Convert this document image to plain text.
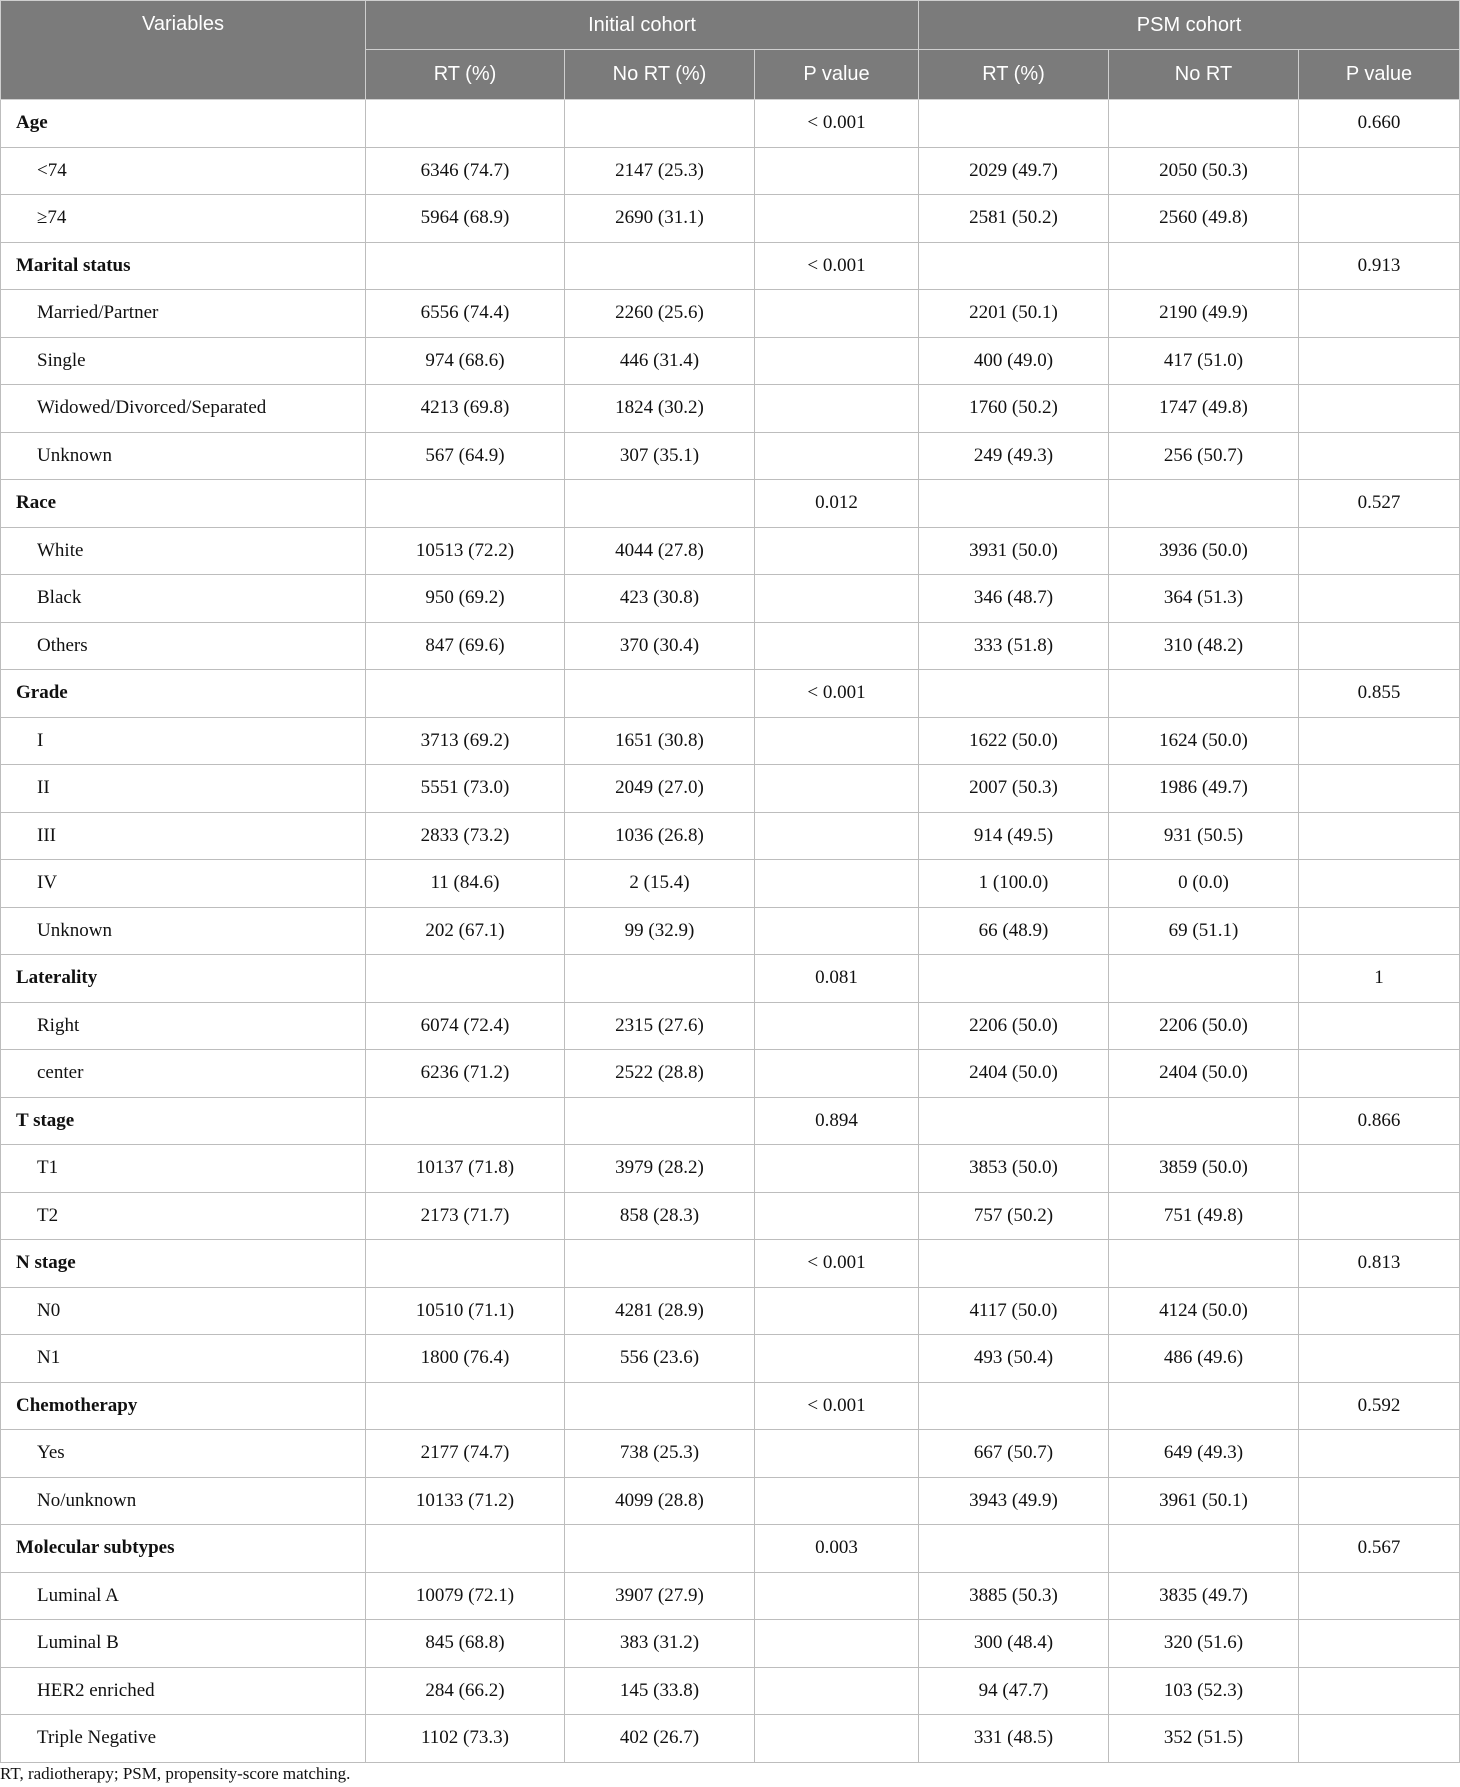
Variables	Initial cohort			PSM cohort		
	RT (%)	No RT (%)	P value	RT (%)	No RT	P value
Age			< 0.001			0.660
<74	6346 (74.7)	2147 (25.3)		2029 (49.7)	2050 (50.3)	
≥74	5964 (68.9)	2690 (31.1)		2581 (50.2)	2560 (49.8)	
Marital status			< 0.001			0.913
Married/Partner	6556 (74.4)	2260 (25.6)		2201 (50.1)	2190 (49.9)	
Single	974 (68.6)	446 (31.4)		400 (49.0)	417 (51.0)	
Widowed/Divorced/Separated	4213 (69.8)	1824 (30.2)		1760 (50.2)	1747 (49.8)	
Unknown	567 (64.9)	307 (35.1)		249 (49.3)	256 (50.7)	
Race			0.012			0.527
White	10513 (72.2)	4044 (27.8)		3931 (50.0)	3936 (50.0)	
Black	950 (69.2)	423 (30.8)		346 (48.7)	364 (51.3)	
Others	847 (69.6)	370 (30.4)		333 (51.8)	310 (48.2)	
Grade			< 0.001			0.855
I	3713 (69.2)	1651 (30.8)		1622 (50.0)	1624 (50.0)	
II	5551 (73.0)	2049 (27.0)		2007 (50.3)	1986 (49.7)	
III	2833 (73.2)	1036 (26.8)		914 (49.5)	931 (50.5)	
IV	11 (84.6)	2 (15.4)		1 (100.0)	0 (0.0)	
Unknown	202 (67.1)	99 (32.9)		66 (48.9)	69 (51.1)	
Laterality			0.081			1
Right	6074 (72.4)	2315 (27.6)		2206 (50.0)	2206 (50.0)	
center	6236 (71.2)	2522 (28.8)		2404 (50.0)	2404 (50.0)	
T stage			0.894			0.866
T1	10137 (71.8)	3979 (28.2)		3853 (50.0)	3859 (50.0)	
T2	2173 (71.7)	858 (28.3)		757 (50.2)	751 (49.8)	
N stage			< 0.001			0.813
N0	10510 (71.1)	4281 (28.9)		4117 (50.0)	4124 (50.0)	
N1	1800 (76.4)	556 (23.6)		493 (50.4)	486 (49.6)	
Chemotherapy			< 0.001			0.592
Yes	2177 (74.7)	738 (25.3)		667 (50.7)	649 (49.3)	
No/unknown	10133 (71.2)	4099 (28.8)		3943 (49.9)	3961 (50.1)	
Molecular subtypes			0.003			0.567
Luminal A	10079 (72.1)	3907 (27.9)		3885 (50.3)	3835 (49.7)	
Luminal B	845 (68.8)	383 (31.2)		300 (48.4)	320 (51.6)	
HER2 enriched	284 (66.2)	145 (33.8)		94 (47.7)	103 (52.3)	
Triple Negative	1102 (73.3)	402 (26.7)		331 (48.5)	352 (51.5)	
RT, radiotherapy; PSM, propensity-score matching.
